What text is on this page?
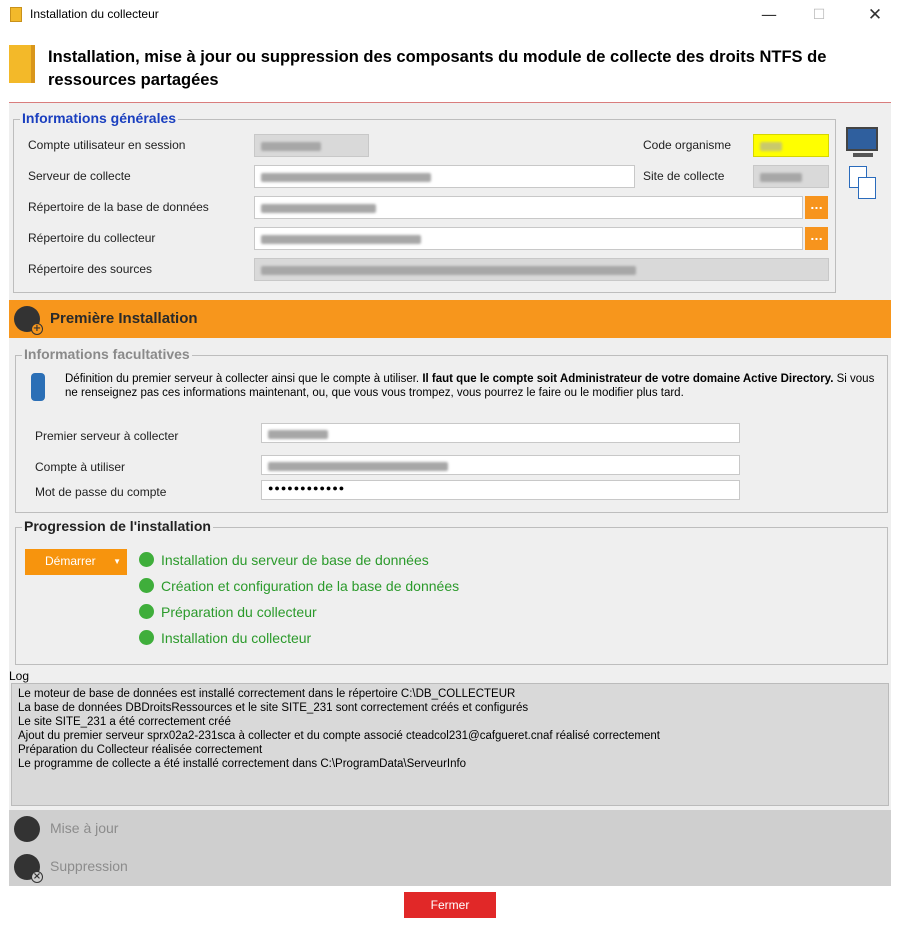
Installation du collecteur	—	☐	✕
Installation, mise à jour ou suppression des composants du module de collecte des droits NTFS de ressources partagées
Informations générales
Compte utilisateur en session	Code organisme
Serveur de collecte	Site de collecte
Répertoire de la base de données	...
Répertoire du collecteur	...
Répertoire des sources
+
Première Installation
Informations facultatives
Définition du premier serveur à collecter ainsi que le compte à utiliser. Il faut que le compte soit Administrateur de votre domaine Active Directory. Si vous ne renseignez pas ces informations maintenant, ou, que vous vous trompez, vous pourrez le faire ou le modifier plus tard.
Premier serveur à collecter
Compte à utiliser
Mot de passe du compte	●●●●●●●●●●●●
Progression de l'installation
Démarrer ▼	Installation du serveur de base de données
Création et configuration de la base de données
Préparation du collecteur
Installation du collecteur
Log
Le moteur de base de données est installé correctement dans le répertoire C:\DB_COLLECTEUR
La base de données DBDroitsRessources et le site SITE_231 sont correctement créés et configurés
Le site SITE_231 a été correctement créé
Ajout du premier serveur sprx02a2-231sca à collecter et du compte associé cteadcol231@cafgueret.cnaf réalisé correctement
Préparation du Collecteur réalisée correctement
Le programme de collecte a été installé correctement dans C:\ProgramData\ServeurInfo
Mise à jour
×
Suppression
Fermer
